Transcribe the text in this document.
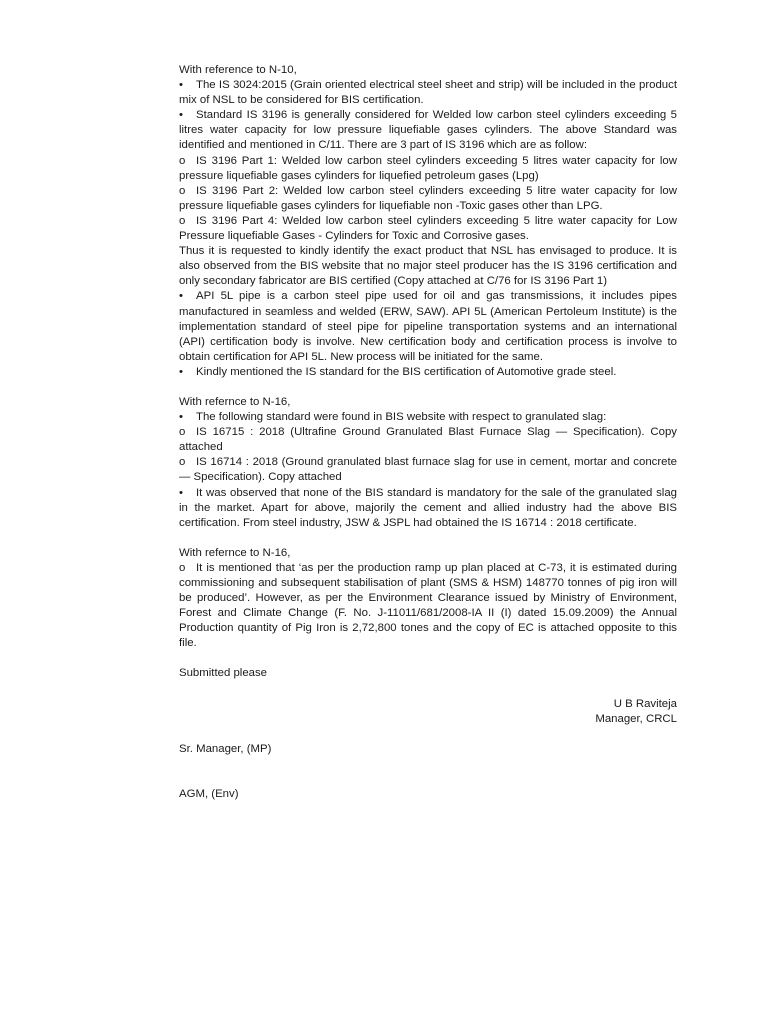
With reference to N-10,

• The IS 3024:2015 (Grain oriented electrical steel sheet and strip) will be included in the product mix of NSL to be considered for BIS certification.

• Standard IS 3196 is generally considered for Welded low carbon steel cylinders exceeding 5 litres water capacity for low pressure liquefiable gases cylinders. The above Standard was identified and mentioned in C/11. There are 3 part of IS 3196 which are as follow:

o IS 3196 Part 1: Welded low carbon steel cylinders exceeding 5 litres water capacity for low pressure liquefiable gases cylinders for liquefied petroleum gases (Lpg)

o IS 3196 Part 2: Welded low carbon steel cylinders exceeding 5 litre water capacity for low pressure liquefiable gases cylinders for liquefiable non -Toxic gases other than LPG.

o IS 3196 Part 4: Welded low carbon steel cylinders exceeding 5 litre water capacity for Low Pressure liquefiable Gases - Cylinders for Toxic and Corrosive gases.

Thus it is requested to kindly identify the exact product that NSL has envisaged to produce. It is also observed from the BIS website that no major steel producer has the IS 3196 certification and only secondary fabricator are BIS certified (Copy attached at C/76 for IS 3196 Part 1)

• API 5L pipe is a carbon steel pipe used for oil and gas transmissions, it includes pipes manufactured in seamless and welded (ERW, SAW). API 5L (American Pertoleum Institute) is the implementation standard of steel pipe for pipeline transportation systems and an international (API) certification body is involve. New certification body and certification process is involve to obtain certification for API 5L. New process will be initiated for the same.

• Kindly mentioned the IS standard for the BIS certification of Automotive grade steel.

With refernce to N-16,

• The following standard were found in BIS website with respect to granulated slag:

o IS 16715 : 2018 (Ultrafine Ground Granulated Blast Furnace Slag — Specification). Copy attached

o IS 16714 : 2018 (Ground granulated blast furnace slag for use in cement, mortar and concrete — Specification). Copy attached

• It was observed that none of the BIS standard is mandatory for the sale of the granulated slag in the market. Apart for above, majorily the cement and allied industry had the above BIS certification. From steel industry, JSW & JSPL had obtained the IS 16714 : 2018 certificate.

With refernce to N-16,

o It is mentioned that ‘as per the production ramp up plan placed at C-73, it is estimated during commissioning and subsequent stabilisation of plant (SMS & HSM) 148770 tonnes of pig iron will be produced’. However, as per the Environment Clearance issued by Ministry of Environment, Forest and Climate Change (F. No. J-11011/681/2008-IA II (I) dated 15.09.2009) the Annual Production quantity of Pig Iron is 2,72,800 tones and the copy of EC is attached opposite to this file.

Submitted please

U B Raviteja

Manager, CRCL

Sr. Manager, (MP)

AGM, (Env)
